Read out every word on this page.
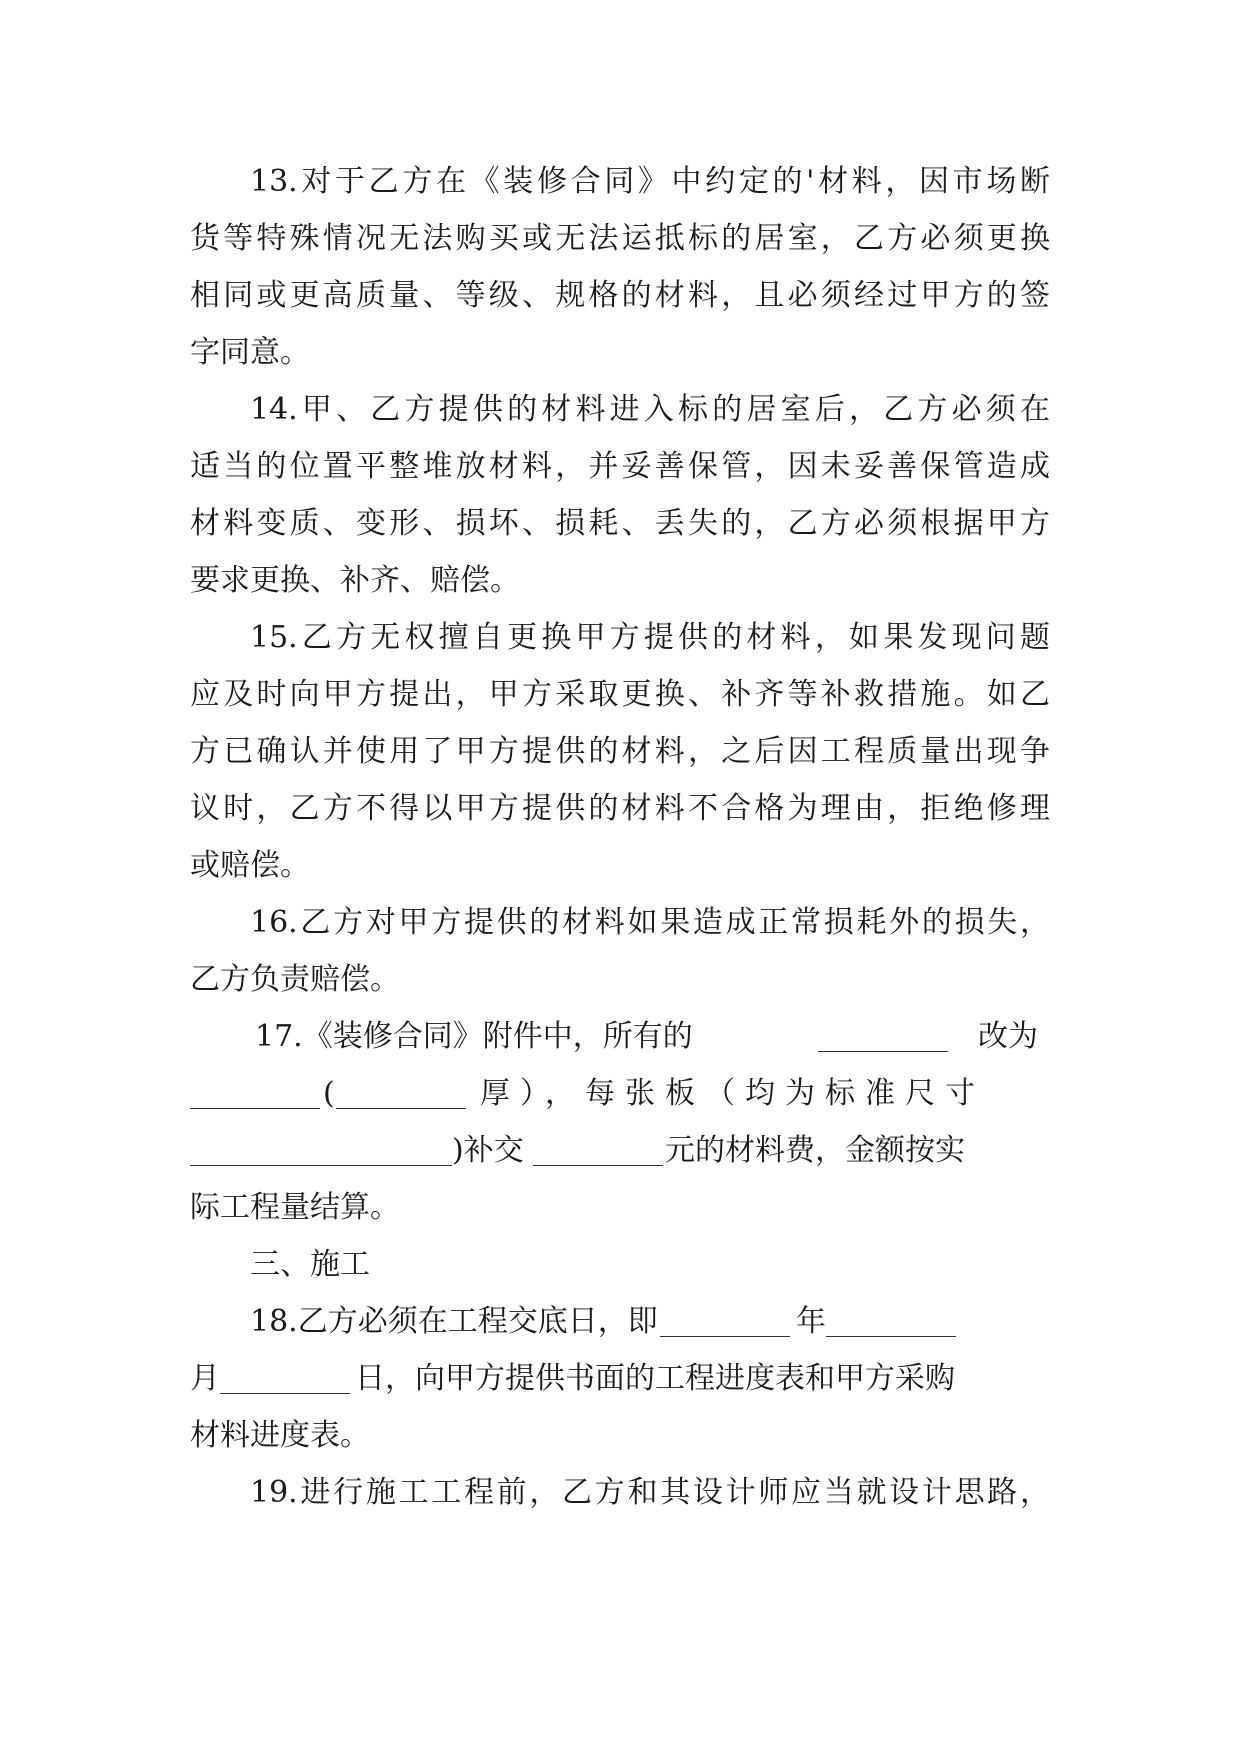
13.对于乙方在《装修合同》中约定的'材料，因市场断
货等特殊情况无法购买或无法运抵标的居室，乙方必须更换
相同或更高质量、等级、规格的材料，且必须经过甲方的签
字同意。
14.甲、乙方提供的材料进入标的居室后，乙方必须在
适当的位置平整堆放材料，并妥善保管，因未妥善保管造成
材料变质、变形、损坏、损耗、丢失的，乙方必须根据甲方
要求更换、补齐、赔偿。
15.乙方无权擅自更换甲方提供的材料，如果发现问题
应及时向甲方提出，甲方采取更换、补齐等补救措施。如乙
方已确认并使用了甲方提供的材料，之后因工程质量出现争
议时，乙方不得以甲方提供的材料不合格为理由，拒绝修理
或赔偿。
16.乙方对甲方提供的材料如果造成正常损耗外的损失，
乙方负责赔偿。
17.《装修合同》附件中，所有的	改为
(	厚），每张板（均为标准尺寸
)补交	元的材料费，金额按实
际工程量结算。
三、施工
18.乙方必须在工程交底日，即	年
月	日，向甲方提供书面的工程进度表和甲方采购
材料进度表。
19.进行施工工程前，乙方和其设计师应当就设计思路，
